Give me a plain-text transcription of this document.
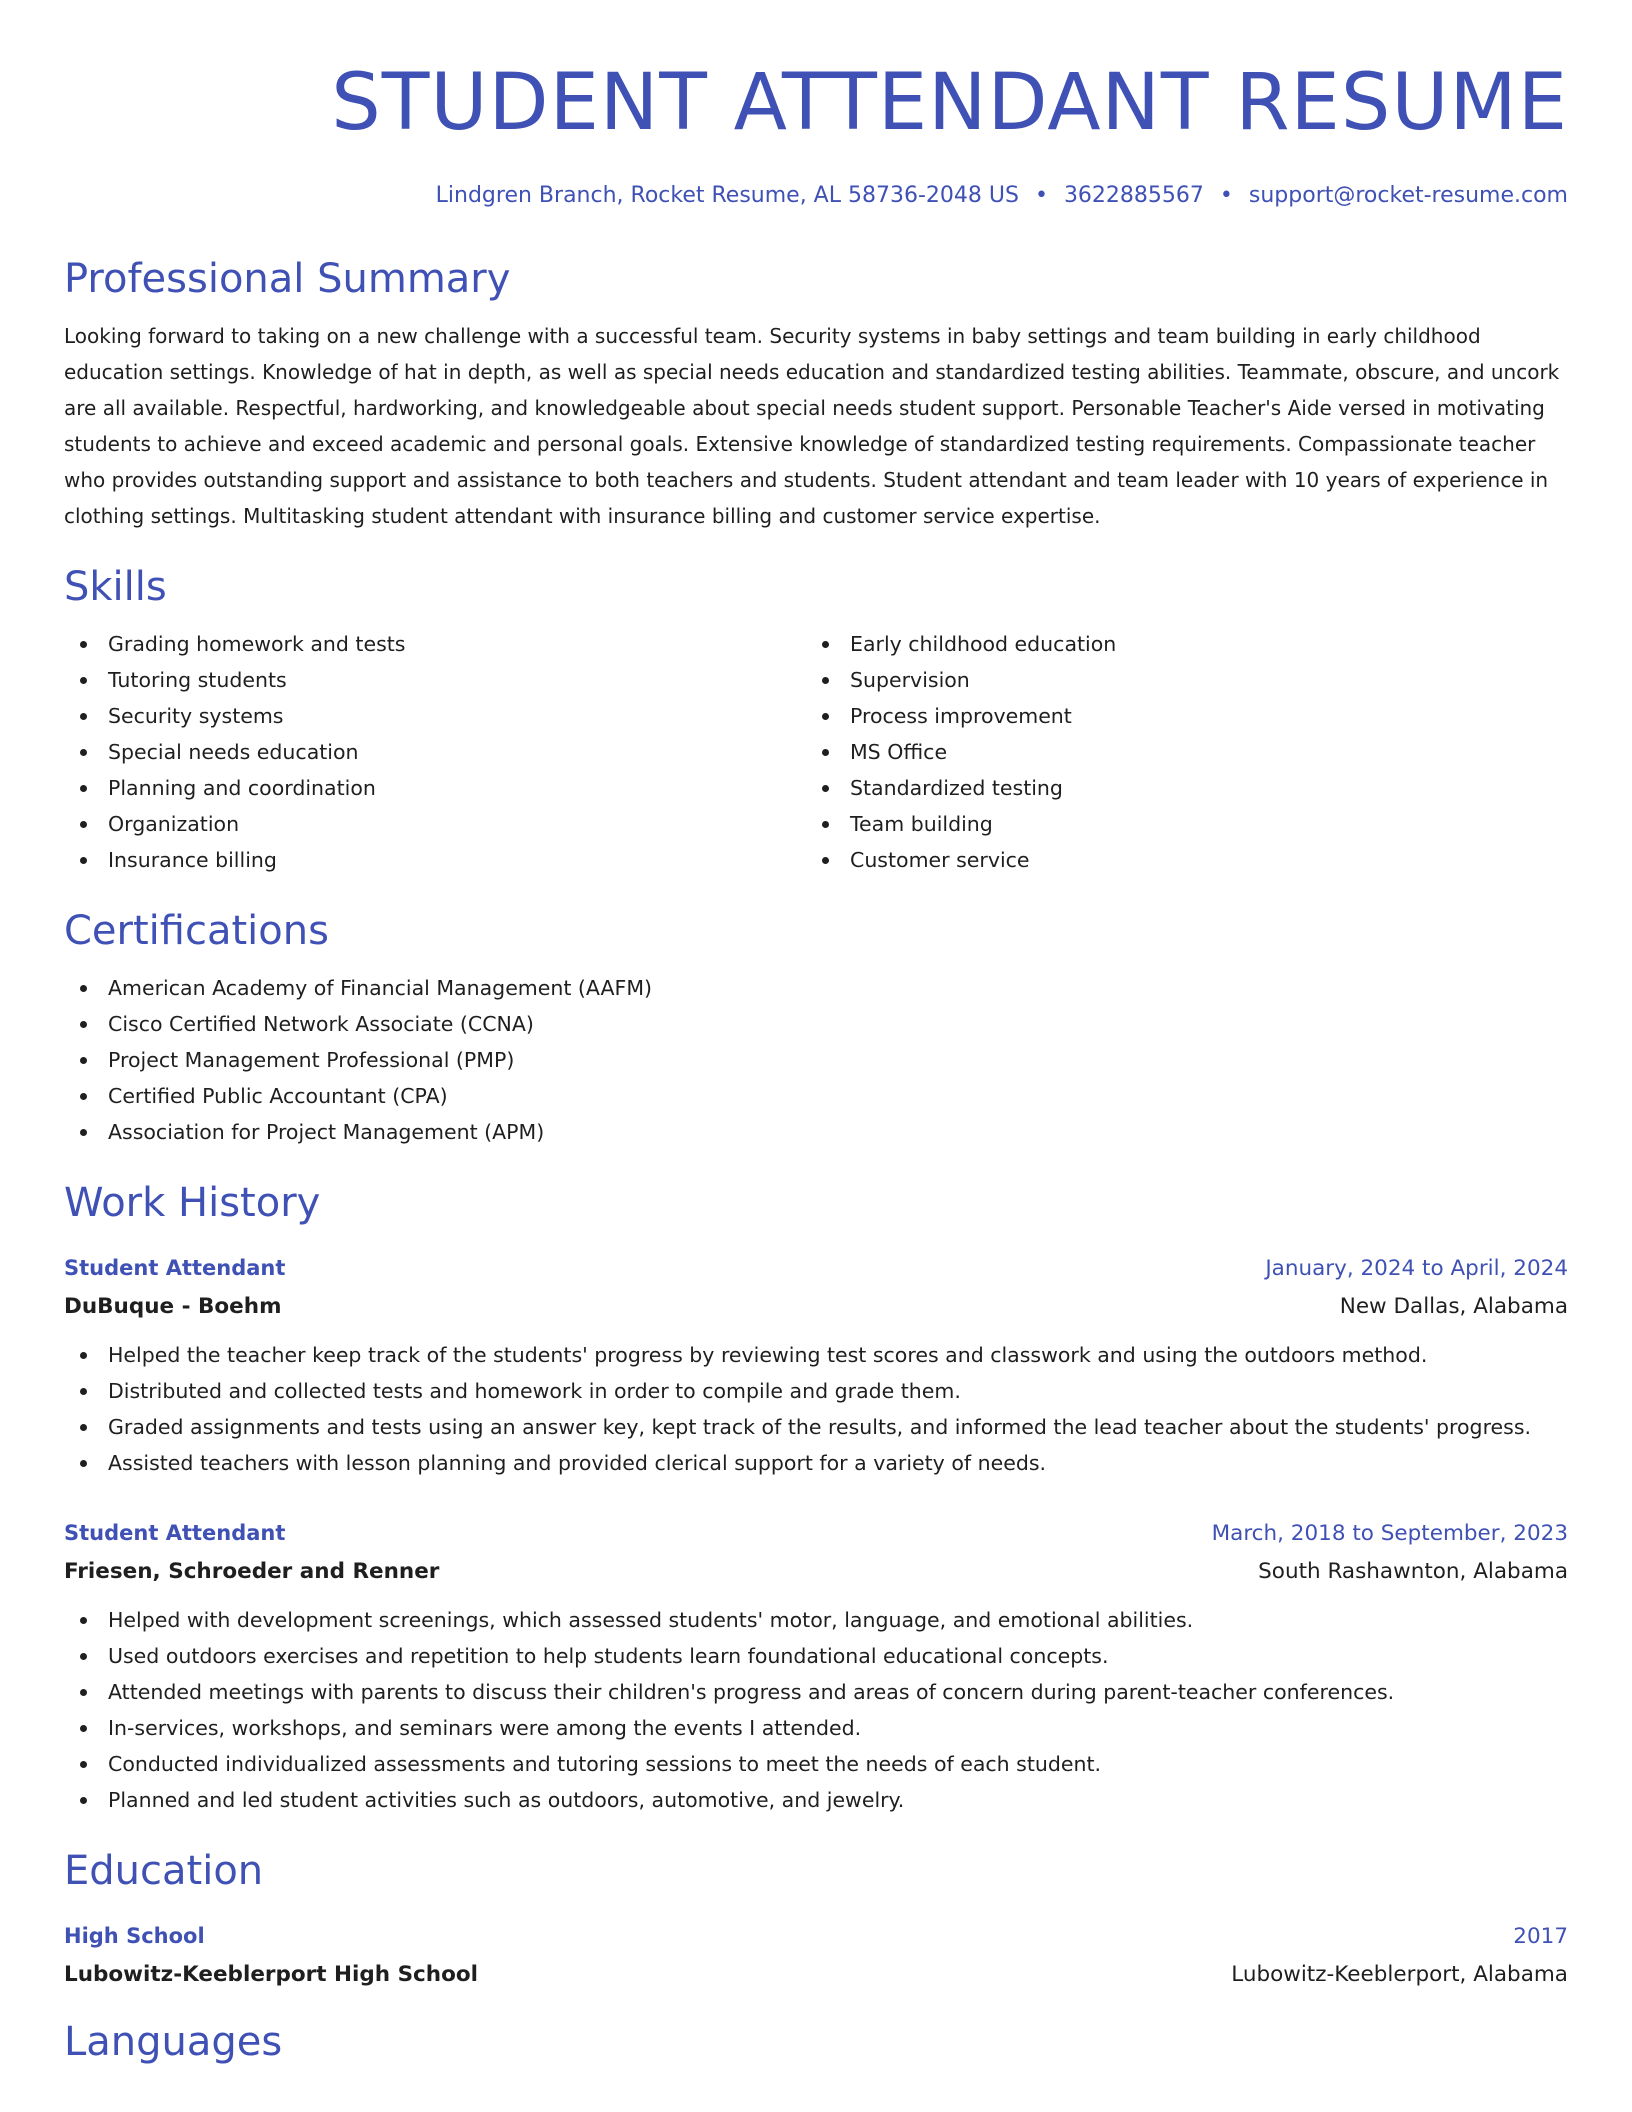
STUDENT ATTENDANT RESUME
Lindgren Branch, Rocket Resume, AL 58736-2048 US • 3622885567 • support@rocket-resume.com
Professional Summary

Looking forward to taking on a new challenge with a successful team. Security systems in baby settings and team building in early childhood education settings. Knowledge of hat in depth, as well as special needs education and standardized testing abilities. Teammate, obscure, and uncork are all available. Respectful, hardworking, and knowledgeable about special needs student support. Personable Teacher's Aide versed in motivating students to achieve and exceed academic and personal goals. Extensive knowledge of standardized testing requirements. Compassionate teacher who provides outstanding support and assistance to both teachers and students. Student attendant and team leader with 10 years of experience in clothing settings. Multitasking student attendant with insurance billing and customer service expertise.

Skills
Grading homework and tests
Tutoring students
Security systems
Special needs education
Planning and coordination
Organization
Insurance billing
Early childhood education
Supervision
Process improvement
MS Office
Standardized testing
Team building
Customer service
Certifications
American Academy of Financial Management (AAFM)
Cisco Certified Network Associate (CCNA)
Project Management Professional (PMP)
Certified Public Accountant (CPA)
Association for Project Management (APM)
Work History
Student Attendant	January, 2024 to April, 2024
DuBuque - Boehm	New Dallas, Alabama
Helped the teacher keep track of the students' progress by reviewing test scores and classwork and using the outdoors method.
Distributed and collected tests and homework in order to compile and grade them.
Graded assignments and tests using an answer key, kept track of the results, and informed the lead teacher about the students' progress.
Assisted teachers with lesson planning and provided clerical support for a variety of needs.
Student Attendant	March, 2018 to September, 2023
Friesen, Schroeder and Renner	South Rashawnton, Alabama
Helped with development screenings, which assessed students' motor, language, and emotional abilities.
Used outdoors exercises and repetition to help students learn foundational educational concepts.
Attended meetings with parents to discuss their children's progress and areas of concern during parent-teacher conferences.
In-services, workshops, and seminars were among the events I attended.
Conducted individualized assessments and tutoring sessions to meet the needs of each student.
Planned and led student activities such as outdoors, automotive, and jewelry.
Education
High School	2017
Lubowitz-Keeblerport High School	Lubowitz-Keeblerport, Alabama
Languages
